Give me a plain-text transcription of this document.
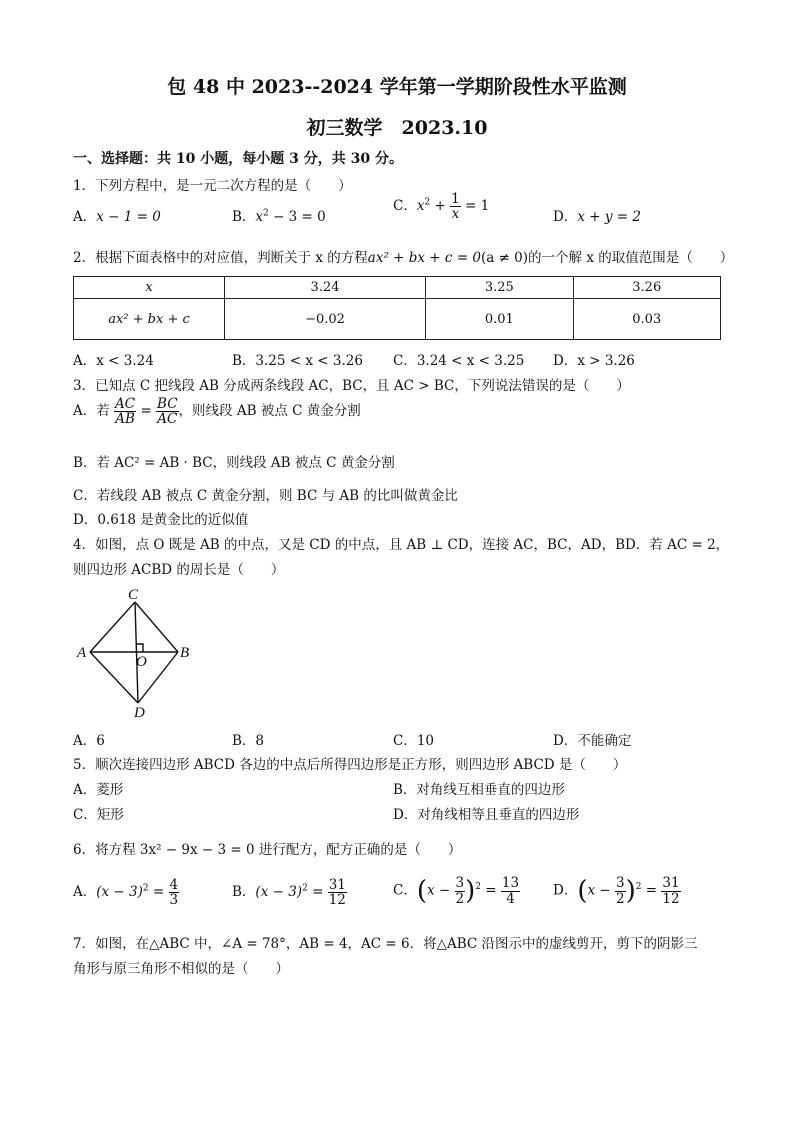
包 48 中 2023--2024 学年第一学期阶段性水平监测
初三数学　2023.10
一、选择题：共 10 小题，每小题 3 分，共 30 分。
1．下列方程中，是一元二次方程的是（　　）
A．x − 1 = 0	B．$x^2 - 3 = 0$
C．$x^2 + \frac{1}{x} = 1$
D．x + y = 2
2．根据下面表格中的对应值，判断关于 x 的方程ax² + bx + c = 0(a ≠ 0)的一个解 x 的取值范围是（　　）
x	3.24	3.25	3.26
ax² + bx + c	−0.02	0.01	0.03
A．x < 3.24	B．3.25 < x < 3.26 C．3.24 < x < 3.25 D．x > 3.26
3．已知点 C 把线段 AB 分成两条线段 AC，BC，且 AC > BC，下列说法错误的是（　　）
A．若 $\frac{AC}{AB} = \frac{BC}{AC}$ ，则线段 AB 被点 C 黄金分割
B．若 AC² = AB · BC，则线段 AB 被点 C 黄金分割
C．若线段 AB 被点 C 黄金分割，则 BC 与 AB 的比叫做黄金比
D．0.618 是黄金比的近似值
4．如图，点 O 既是 AB 的中点，又是 CD 的中点，且 AB ⊥ CD，连接 AC，BC，AD，BD．若 AC = 2，
则四边形 ACBD 的周长是（　　）
A	B
C
D
O
A．6	B．8	C．10	D．不能确定
5．顺次连接四边形 ABCD 各边的中点后所得四边形是正方形，则四边形 ABCD 是（　　）
A．菱形	B．对角线互相垂直的四边形
C．矩形	D．对角线相等且垂直的四边形
6．将方程 3x² − 9x − 3 = 0 进行配方，配方正确的是（　　）
A．$(x - 3)^2 = \frac{4}{3}$	B．$(x - 3)^2 = \frac{31}{12}$	C．$(x - \frac{3}{2} )^2 = \frac{13}{4}$ D．$(x - \frac{3}{2} )^2 = \frac{31}{12}$
7．如图，在△ABC 中，∠A = 78°，AB = 4，AC = 6．将△ABC 沿图示中的虚线剪开，剪下的阴影三
角形与原三角形不相似的是（　　）
